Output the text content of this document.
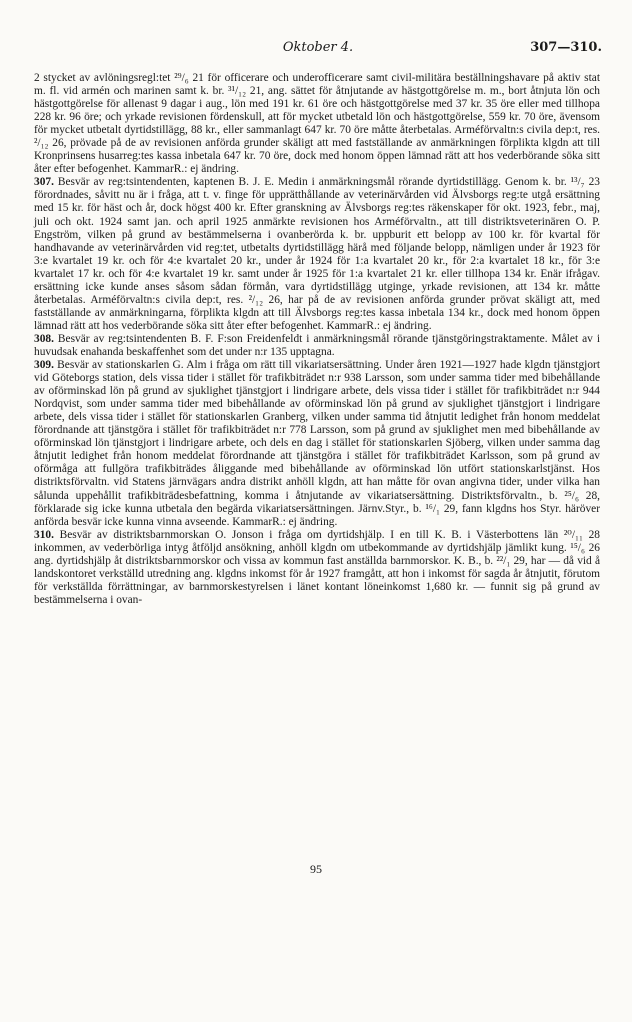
Oktober 4.	307—310.

2 stycket av avlöningsregl:tet ²⁹/₆ 21 för officerare och underofficerare samt civil-militära beställningshavare på aktiv stat m. fl. vid armén och marinen samt k. br. ³¹/₁₂ 21, ang. sättet för åtnjutande av hästgottgörelse m. m., bort åtnjuta lön och hästgottgörelse för allenast 9 dagar i aug., lön med 191 kr. 61 öre och hästgottgörelse med 37 kr. 35 öre eller med tillhopa 228 kr. 96 öre; och yrkade revisionen fördenskull, att för mycket utbetald lön och hästgottgörelse, 559 kr. 70 öre, ävensom för mycket utbetalt dyrtidstillägg, 88 kr., eller sammanlagt 647 kr. 70 öre måtte återbetalas. Arméförvaltn:s civila dep:t, res. ²/₁₂ 26, prövade på de av revisionen anförda grunder skäligt att med fastställande av anmärkningen förplikta klgdn att till Kronprinsens husarreg:tes kassa inbetala 647 kr. 70 öre, dock med honom öppen lämnad rätt att hos vederbörande söka sitt åter efter befogenhet. KammarR.: ej ändring.

307. Besvär av reg:tsintendenten, kaptenen B. J. E. Medin i anmärkningsmål rörande dyrtidstillägg. Genom k. br. ¹³/₇ 23 förordnades, såvitt nu är i fråga, att t. v. finge för upprätthållande av veterinärvården vid Älvsborgs reg:te utgå ersättning med 15 kr. för häst och år, dock högst 400 kr. Efter granskning av Älvsborgs reg:tes räkenskaper för okt. 1923, febr., maj, juli och okt. 1924 samt jan. och april 1925 anmärkte revisionen hos Arméförvaltn., att till distriktsveterinären O. P. Engström, vilken på grund av bestämmelserna i ovanberörda k. br. uppburit ett belopp av 100 kr. för kvartal för handhavande av veterinärvården vid reg:tet, utbetalts dyrtidstillägg härå med följande belopp, nämligen under år 1923 för 3:e kvartalet 19 kr. och för 4:e kvartalet 20 kr., under år 1924 för 1:a kvartalet 20 kr., för 2:a kvartalet 18 kr., för 3:e kvartalet 17 kr. och för 4:e kvartalet 19 kr. samt under år 1925 för 1:a kvartalet 21 kr. eller tillhopa 134 kr. Enär ifrågav. ersättning icke kunde anses såsom sådan förmån, vara dyrtidstillägg utginge, yrkade revisionen, att 134 kr. måtte återbetalas. Arméförvaltn:s civila dep:t, res. ²/₁₂ 26, har på de av revisionen anförda grunder prövat skäligt att, med fastställande av anmärkningarna, förplikta klgdn att till Älvsborgs reg:tes kassa inbetala 134 kr., dock med honom öppen lämnad rätt att hos vederbörande söka sitt åter efter befogenhet. KammarR.: ej ändring.

308. Besvär av reg:tsintendenten B. F. F:son Freidenfeldt i anmärkningsmål rörande tjänstgöringstraktamente. Målet av i huvudsak enahanda beskaffenhet som det under n:r 135 upptagna.

309. Besvär av stationskarlen G. Alm i fråga om rätt till vikariatsersättning. Under åren 1921—1927 hade klgdn tjänstgjort vid Göteborgs station, dels vissa tider i stället för trafikbiträdet n:r 938 Larsson, som under samma tider med bibehållande av oförminskad lön på grund av sjuklighet tjänstgjort i lindrigare arbete, dels vissa tider i stället för trafikbiträdet n:r 944 Nordqvist, som under samma tider med bibehållande av oförminskad lön på grund av sjuklighet tjänstgjort i lindrigare arbete, dels vissa tider i stället för stationskarlen Granberg, vilken under samma tid åtnjutit ledighet från honom meddelat förordnande att tjänstgöra i stället för trafikbiträdet n:r 778 Larsson, som på grund av sjuklighet men med bibehållande av oförminskad lön tjänstgjort i lindrigare arbete, och dels en dag i stället för stationskarlen Sjöberg, vilken under samma dag åtnjutit ledighet från honom meddelat förordnande att tjänstgöra i stället för trafikbiträdet Karlsson, som på grund av oförmåga att fullgöra trafikbiträdes åliggande med bibehållande av oförminskad lön utfört stationskarlstjänst. Hos distriktsförvaltn. vid Statens järnvägars andra distrikt anhöll klgdn, att han måtte för ovan angivna tider, under vilka han sålunda uppehållit trafikbiträdesbefattning, komma i åtnjutande av vikariatsersättning. Distriktsförvaltn., b. ²⁵/₆ 28, förklarade sig icke kunna utbetala den begärda vikariatsersättningen. Järnv.Styr., b. ¹⁶/₁ 29, fann klgdns hos Styr. häröver anförda besvär icke kunna vinna avseende. KammarR.: ej ändring.

310. Besvär av distriktsbarnmorskan O. Jonson i fråga om dyrtidshjälp. I en till K. B. i Västerbottens län ²⁰/₁₁ 28 inkommen, av vederbörliga intyg åtföljd ansökning, anhöll klgdn om utbekommande av dyrtidshjälp jämlikt kung. ¹⁵/₆ 26 ang. dyrtidshjälp åt distriktsbarnmorskor och vissa av kommun fast anställda barnmorskor. K. B., b. ²²/₁ 29, har — då vid å landskontoret verkställd utredning ang. klgdns inkomst för år 1927 framgått, att hon i inkomst för sagda år åtnjutit, förutom för verkställda förrättningar, av barnmorskestyrelsen i länet kontant löneinkomst 1,680 kr. — funnit sig på grund av bestämmelserna i ovan-

95
